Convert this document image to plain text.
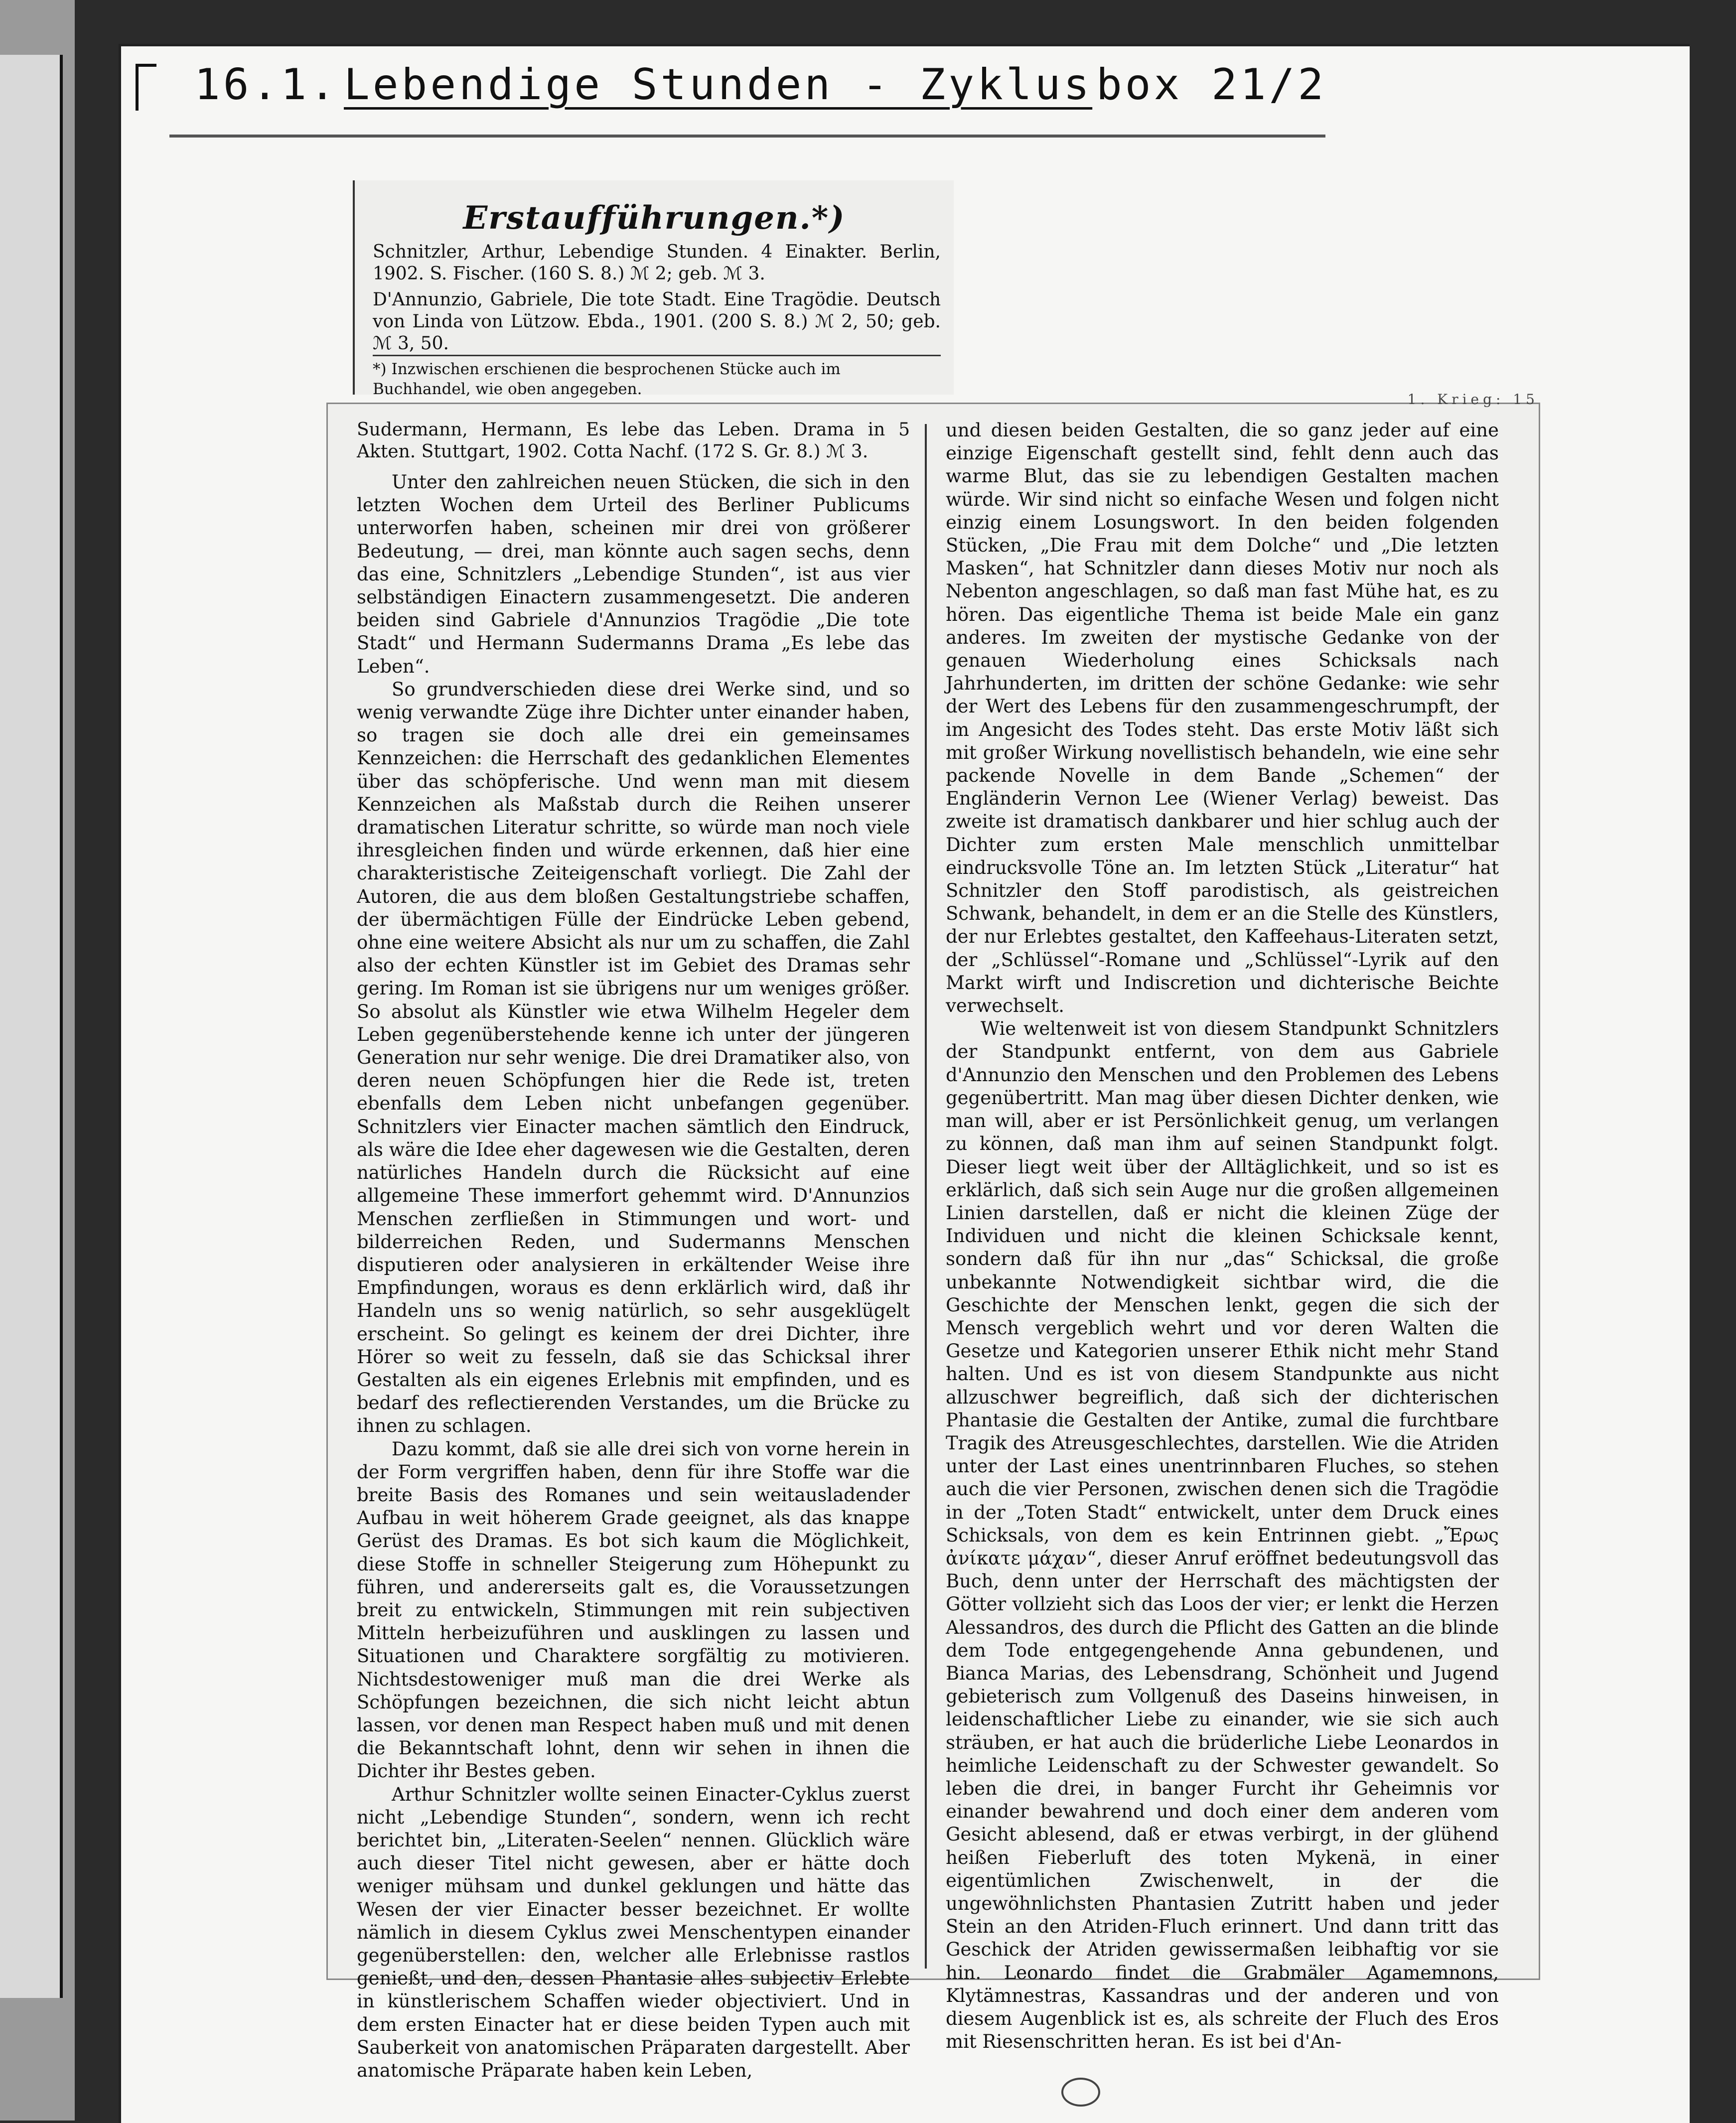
16.1. Lebendige Stunden - Zyklus box 21/2
Erstaufführungen.*)
Schnitzler, Arthur, Lebendige Stunden. 4 Einakter. Berlin, 1902. S. Fischer. (160 S. 8.) ℳ 2; geb. ℳ 3.
D'Annunzio, Gabriele, Die tote Stadt. Eine Tragödie. Deutsch von Linda von Lützow. Ebda., 1901. (200 S. 8.) ℳ 2, 50; geb. ℳ 3, 50.
*) Inzwischen erschienen die besprochenen Stücke auch im Buchhandel, wie oben angegeben.
1. Krieg: 15

Sudermann, Hermann, Es lebe das Leben. Drama in 5 Akten. Stuttgart, 1902. Cotta Nachf. (172 S. Gr. 8.) ℳ 3.

Unter den zahlreichen neuen Stücken, die sich in den letzten Wochen dem Urteil des Berliner Publicums unterworfen haben, scheinen mir drei von größerer Bedeutung, — drei, man könnte auch sagen sechs, denn das eine, Schnitzlers „Lebendige Stunden“, ist aus vier selbständigen Einactern zusammengesetzt. Die anderen beiden sind Gabriele d'Annunzios Tragödie „Die tote Stadt“ und Hermann Sudermanns Drama „Es lebe das Leben“.

So grundverschieden diese drei Werke sind, und so wenig verwandte Züge ihre Dichter unter einander haben, so tragen sie doch alle drei ein gemeinsames Kennzeichen: die Herrschaft des gedanklichen Elementes über das schöpferische. Und wenn man mit diesem Kennzeichen als Maßstab durch die Reihen unserer dramatischen Literatur schritte, so würde man noch viele ihresgleichen finden und würde erkennen, daß hier eine charakteristische Zeiteigenschaft vorliegt. Die Zahl der Autoren, die aus dem bloßen Gestaltungstriebe schaffen, der übermächtigen Fülle der Eindrücke Leben gebend, ohne eine weitere Absicht als nur um zu schaffen, die Zahl also der echten Künstler ist im Gebiet des Dramas sehr gering. Im Roman ist sie übrigens nur um weniges größer. So absolut als Künstler wie etwa Wilhelm Hegeler dem Leben gegenüberstehende kenne ich unter der jüngeren Generation nur sehr wenige. Die drei Dramatiker also, von deren neuen Schöpfungen hier die Rede ist, treten ebenfalls dem Leben nicht unbefangen gegenüber. Schnitzlers vier Einacter machen sämtlich den Eindruck, als wäre die Idee eher dagewesen wie die Gestalten, deren natürliches Handeln durch die Rücksicht auf eine allgemeine These immerfort gehemmt wird. D'Annunzios Menschen zerfließen in Stimmungen und wort- und bilderreichen Reden, und Sudermanns Menschen disputieren oder analysieren in erkältender Weise ihre Empfindungen, woraus es denn erklärlich wird, daß ihr Handeln uns so wenig natürlich, so sehr ausgeklügelt erscheint. So gelingt es keinem der drei Dichter, ihre Hörer so weit zu fesseln, daß sie das Schicksal ihrer Gestalten als ein eigenes Erlebnis mit empfinden, und es bedarf des reflectierenden Verstandes, um die Brücke zu ihnen zu schlagen.

Dazu kommt, daß sie alle drei sich von vorne herein in der Form vergriffen haben, denn für ihre Stoffe war die breite Basis des Romanes und sein weitausladender Aufbau in weit höherem Grade geeignet, als das knappe Gerüst des Dramas. Es bot sich kaum die Möglichkeit, diese Stoffe in schneller Steigerung zum Höhepunkt zu führen, und andererseits galt es, die Voraussetzungen breit zu entwickeln, Stimmungen mit rein subjectiven Mitteln herbeizuführen und ausklingen zu lassen und Situationen und Charaktere sorgfältig zu motivieren. Nichtsdestoweniger muß man die drei Werke als Schöpfungen bezeichnen, die sich nicht leicht abtun lassen, vor denen man Respect haben muß und mit denen die Bekanntschaft lohnt, denn wir sehen in ihnen die Dichter ihr Bestes geben.

Arthur Schnitzler wollte seinen Einacter-Cyklus zuerst nicht „Lebendige Stunden“, sondern, wenn ich recht berichtet bin, „Literaten-Seelen“ nennen. Glücklich wäre auch dieser Titel nicht gewesen, aber er hätte doch weniger mühsam und dunkel geklungen und hätte das Wesen der vier Einacter besser bezeichnet. Er wollte nämlich in diesem Cyklus zwei Menschentypen einander gegenüberstellen: den, welcher alle Erlebnisse rastlos genießt, und den, dessen Phantasie alles subjectiv Erlebte in künstlerischem Schaffen wieder objectiviert. Und in dem ersten Einacter hat er diese beiden Typen auch mit Sauberkeit von anatomischen Präparaten dargestellt. Aber anatomische Präparate haben kein Leben,

und diesen beiden Gestalten, die so ganz jeder auf eine einzige Eigenschaft gestellt sind, fehlt denn auch das warme Blut, das sie zu lebendigen Gestalten machen würde. Wir sind nicht so einfache Wesen und folgen nicht einzig einem Losungswort. In den beiden folgenden Stücken, „Die Frau mit dem Dolche“ und „Die letzten Masken“, hat Schnitzler dann dieses Motiv nur noch als Nebenton angeschlagen, so daß man fast Mühe hat, es zu hören. Das eigentliche Thema ist beide Male ein ganz anderes. Im zweiten der mystische Gedanke von der genauen Wiederholung eines Schicksals nach Jahrhunderten, im dritten der schöne Gedanke: wie sehr der Wert des Lebens für den zusammengeschrumpft, der im Angesicht des Todes steht. Das erste Motiv läßt sich mit großer Wirkung novellistisch behandeln, wie eine sehr packende Novelle in dem Bande „Schemen“ der Engländerin Vernon Lee (Wiener Verlag) beweist. Das zweite ist dramatisch dankbarer und hier schlug auch der Dichter zum ersten Male menschlich unmittelbar eindrucksvolle Töne an. Im letzten Stück „Literatur“ hat Schnitzler den Stoff parodistisch, als geistreichen Schwank, behandelt, in dem er an die Stelle des Künstlers, der nur Erlebtes gestaltet, den Kaffeehaus-Literaten setzt, der „Schlüssel“-Romane und „Schlüssel“-Lyrik auf den Markt wirft und Indiscretion und dichterische Beichte verwechselt.

Wie weltenweit ist von diesem Standpunkt Schnitzlers der Standpunkt entfernt, von dem aus Gabriele d'Annunzio den Menschen und den Problemen des Lebens gegenübertritt. Man mag über diesen Dichter denken, wie man will, aber er ist Persönlichkeit genug, um verlangen zu können, daß man ihm auf seinen Standpunkt folgt. Dieser liegt weit über der Alltäglichkeit, und so ist es erklärlich, daß sich sein Auge nur die großen allgemeinen Linien darstellen, daß er nicht die kleinen Züge der Individuen und nicht die kleinen Schicksale kennt, sondern daß für ihn nur „das“ Schicksal, die große unbekannte Notwendigkeit sichtbar wird, die die Geschichte der Menschen lenkt, gegen die sich der Mensch vergeblich wehrt und vor deren Walten die Gesetze und Kategorien unserer Ethik nicht mehr Stand halten. Und es ist von diesem Standpunkte aus nicht allzuschwer begreiflich, daß sich der dichterischen Phantasie die Gestalten der Antike, zumal die furchtbare Tragik des Atreusgeschlechtes, darstellen. Wie die Atriden unter der Last eines unentrinnbaren Fluches, so stehen auch die vier Personen, zwischen denen sich die Tragödie in der „Toten Stadt“ entwickelt, unter dem Druck eines Schicksals, von dem es kein Entrinnen giebt. „Ἔρως ἀνίκατε μάχαν“, dieser Anruf eröffnet bedeutungsvoll das Buch, denn unter der Herrschaft des mächtigsten der Götter vollzieht sich das Loos der vier; er lenkt die Herzen Alessandros, des durch die Pflicht des Gatten an die blinde dem Tode entgegengehende Anna gebundenen, und Bianca Marias, des Lebensdrang, Schönheit und Jugend gebieterisch zum Vollgenuß des Daseins hinweisen, in leidenschaftlicher Liebe zu einander, wie sie sich auch sträuben, er hat auch die brüderliche Liebe Leonardos in heimliche Leidenschaft zu der Schwester gewandelt. So leben die drei, in banger Furcht ihr Geheimnis vor einander bewahrend und doch einer dem anderen vom Gesicht ablesend, daß er etwas verbirgt, in der glühend heißen Fieberluft des toten Mykenä, in einer eigentümlichen Zwischenwelt, in der die ungewöhnlichsten Phantasien Zutritt haben und jeder Stein an den Atriden-Fluch erinnert. Und dann tritt das Geschick der Atriden gewissermaßen leibhaftig vor sie hin. Leonardo findet die Grabmäler Agamemnons, Klytämnestras, Kassandras und der anderen und von diesem Augenblick ist es, als schreite der Fluch des Eros mit Riesenschritten heran. Es ist bei d'An-
